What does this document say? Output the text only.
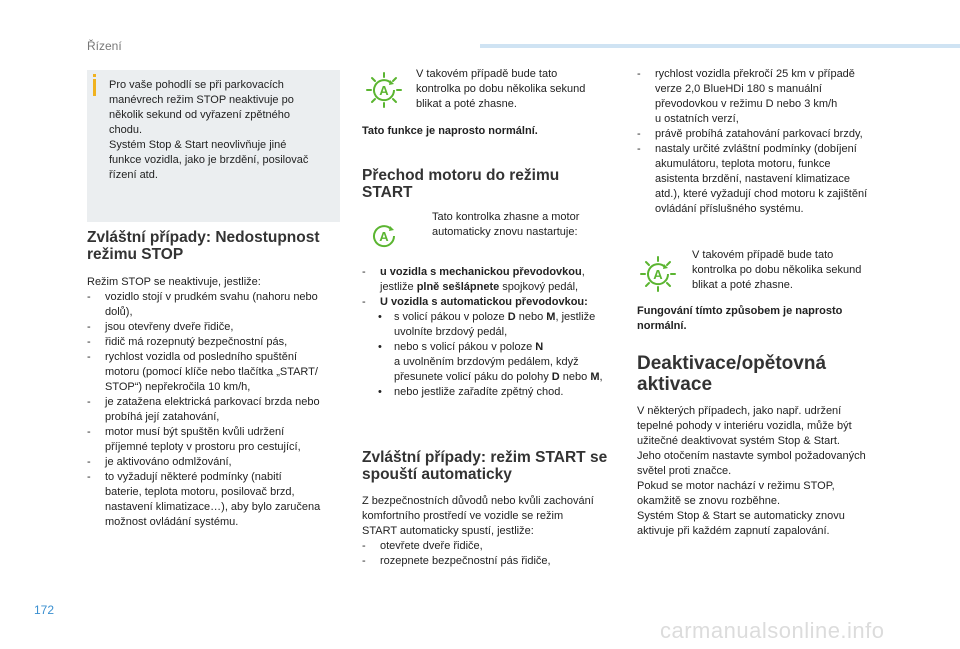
Řízení

Pro vaše pohodlí se při parkovacích

manévrech režim STOP neaktivuje po

několik sekund od vyřazení zpětného

chodu.

Systém Stop & Start neovlivňuje jiné

funkce vozidla, jako je brzdění, posilovač

řízení atd.

Zvláštní případy: Nedostupnost
režimu STOP

Režim STOP se neaktivuje, jestliže:

- vozidlo stojí v prudkém svahu (nahoru nebo
dolů),
- jsou otevřeny dveře řidiče,
- řidič má rozepnutý bezpečnostní pás,
- rychlost vozidla od posledního spuštění
motoru (pomocí klíče nebo tlačítka „START/
STOP“) nepřekročila 10 km/h,
- je zatažena elektrická parkovací brzda nebo
probíhá její zatahování,
- motor musí být spuštěn kvůli udržení
příjemné teploty v prostoru pro cestující,
- je aktivováno odmlžování,
- to vyžadují některé podmínky (nabití
baterie, teplota motoru, posilovač brzd,
nastavení klimatizace…), aby bylo zaručena
možnost ovládání systému.
A
A

V takovém případě bude tato

kontrolka po dobu několika sekund

blikat a poté zhasne.

Tato funkce je naprosto normální.

Přechod motoru do režimu
START

Tato kontrolka zhasne a motor

automaticky znovu nastartuje:

- u vozidla s mechanickou převodovkou,
jestliže plně sešlápnete spojkový pedál,
- U vozidla s automatickou převodovkou:
• s volicí pákou v poloze D nebo M, jestliže
uvolníte brzdový pedál,
• nebo s volicí pákou v poloze N
a uvolněním brzdovým pedálem, když
přesunete volicí páku do polohy D nebo M,
• nebo jestliže zařadíte zpětný chod.
Zvláštní případy: režim START se
spouští automaticky

Z bezpečnostních důvodů nebo kvůli zachování

komfortního prostředí ve vozidle se režim

START automaticky spustí, jestliže:

- otevřete dveře řidiče,
- rozepnete bezpečnostní pás řidiče,
- rychlost vozidla překročí 25 km v případě
verze 2,0 BlueHDi 180 s manuální
převodovkou v režimu D nebo 3 km/h
u ostatních verzí,
- právě probíhá zatahování parkovací brzdy,
- nastaly určité zvláštní podmínky (dobíjení
akumulátoru, teplota motoru, funkce
asistenta brzdění, nastavení klimatizace
atd.), které vyžadují chod motoru k zajištění
ovládání příslušného systému.
A

V takovém případě bude tato

kontrolka po dobu několika sekund

blikat a poté zhasne.

Fungování tímto způsobem je naprosto

normální.

Deaktivace/opětovná
aktivace

V některých případech, jako např. udržení

tepelné pohody v interiéru vozidla, může být

užitečné deaktivovat systém Stop & Start.

Jeho otočením nastavte symbol požadovaných

světel proti značce.

Pokud se motor nachází v režimu STOP,

okamžitě se znovu rozběhne.

Systém Stop & Start se automaticky znovu

aktivuje při každém zapnutí zapalování.

172
carmanualsonline.info
